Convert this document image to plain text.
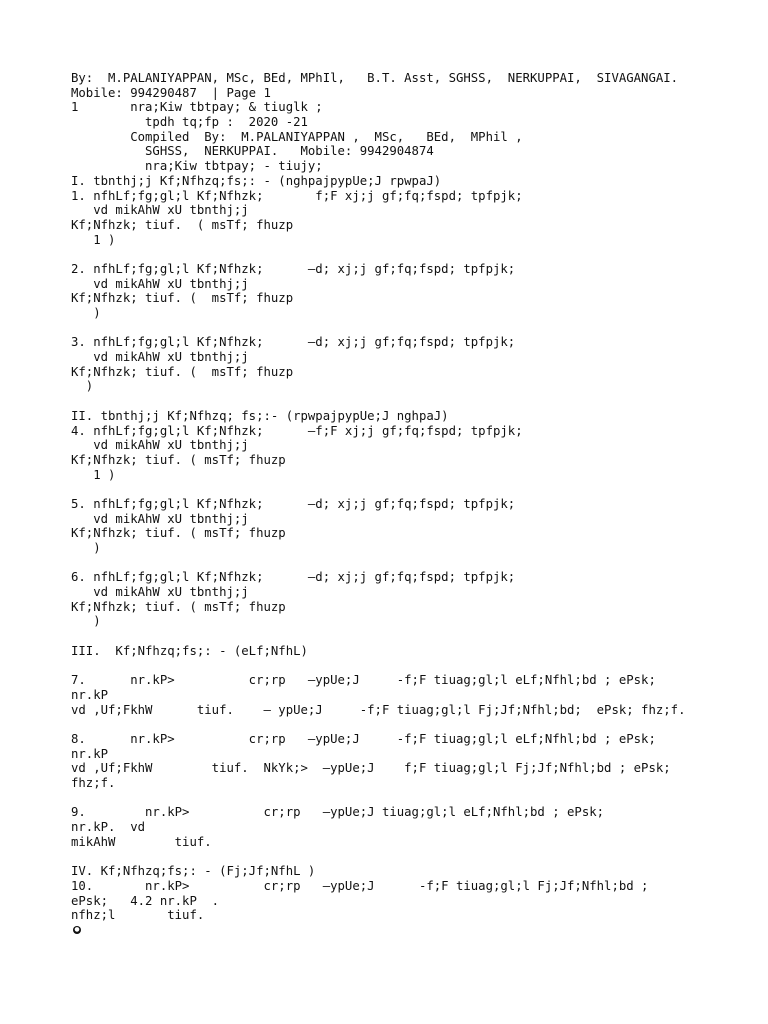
By:  M.PALANIYAPPAN, MSc, BEd, MPhIl,   B.T. Asst, SGHSS,  NERKUPPAI,  SIVAGANGAI.
Mobile: 994290487  | Page 1
1       nra;Kiw tbtpay; & tiuglk ;
tpdh tq;fp :  2020 -21
Compiled  By:  M.PALANIYAPPAN ,  MSc,   BEd,  MPhil ,
SGHSS,  NERKUPPAI.   Mobile: 9942904874
nra;Kiw tbtpay; - tiujy;
I. tbnthj;j Kf;Nfhzq;fs;: - (nghpajpypUe;J rpwpaJ)
1. nfhLf;fg;gl;l Kf;Nfhzk;       f;F xj;j gf;fq;fspd; tpfpjk;
vd mikAhW xU tbnthj;j
Kf;Nfhzk; tiuf.  ( msTf; fhuzp
1 )
2. nfhLf;fg;gl;l Kf;Nfhzk;      –d; xj;j gf;fq;fspd; tpfpjk;
vd mikAhW xU tbnthj;j
Kf;Nfhzk; tiuf. (  msTf; fhuzp
)
3. nfhLf;fg;gl;l Kf;Nfhzk;      –d; xj;j gf;fq;fspd; tpfpjk;
vd mikAhW xU tbnthj;j
Kf;Nfhzk; tiuf. (  msTf; fhuzp
)
II. tbnthj;j Kf;Nfhzq; fs;:- (rpwpajpypUe;J nghpaJ)
4. nfhLf;fg;gl;l Kf;Nfhzk;      –f;F xj;j gf;fq;fspd; tpfpjk;
vd mikAhW xU tbnthj;j
Kf;Nfhzk; tiuf. ( msTf; fhuzp
1 )
5. nfhLf;fg;gl;l Kf;Nfhzk;      –d; xj;j gf;fq;fspd; tpfpjk;
vd mikAhW xU tbnthj;j
Kf;Nfhzk; tiuf. ( msTf; fhuzp
)
6. nfhLf;fg;gl;l Kf;Nfhzk;      –d; xj;j gf;fq;fspd; tpfpjk;
vd mikAhW xU tbnthj;j
Kf;Nfhzk; tiuf. ( msTf; fhuzp
)
III.  Kf;Nfhzq;fs;: - (eLf;NfhL)
7.      nr.kP>          cr;rp   –ypUe;J     -f;F tiuag;gl;l eLf;Nfhl;bd ; ePsk;
nr.kP
vd ,Uf;FkhW      tiuf.    – ypUe;J     -f;F tiuag;gl;l Fj;Jf;Nfhl;bd;  ePsk; fhz;f.
8.      nr.kP>          cr;rp   –ypUe;J     -f;F tiuag;gl;l eLf;Nfhl;bd ; ePsk;
nr.kP
vd ,Uf;FkhW        tiuf.  NkYk;>  –ypUe;J    f;F tiuag;gl;l Fj;Jf;Nfhl;bd ; ePsk;
fhz;f.
9.        nr.kP>          cr;rp   –ypUe;J tiuag;gl;l eLf;Nfhl;bd ; ePsk;
nr.kP.  vd
mikAhW        tiuf.
IV. Kf;Nfhzq;fs;: - (Fj;Jf;NfhL )
10.       nr.kP>          cr;rp   –ypUe;J      -f;F tiuag;gl;l Fj;Jf;Nfhl;bd ;
ePsk;   4.2 nr.kP  .
nfhz;l       tiuf.
●
